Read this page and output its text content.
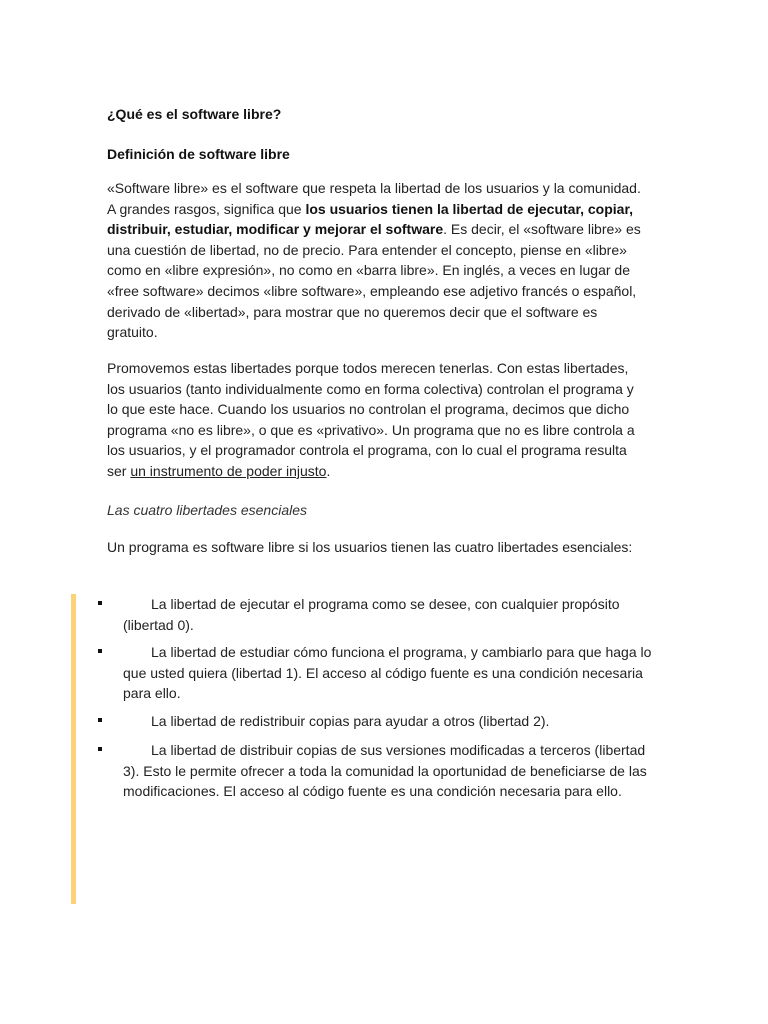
¿Qué es el software libre?
Definición de software libre

«Software libre» es el software que respeta la libertad de los usuarios y la comunidad. A grandes rasgos, significa que los usuarios tienen la libertad de ejecutar, copiar, distribuir, estudiar, modificar y mejorar el software. Es decir, el «software libre» es una cuestión de libertad, no de precio. Para entender el concepto, piense en «libre» como en «libre expresión», no como en «barra libre». En inglés, a veces en lugar de «free software» decimos «libre software», empleando ese adjetivo francés o español, derivado de «libertad», para mostrar que no queremos decir que el software es gratuito.

Promovemos estas libertades porque todos merecen tenerlas. Con estas libertades, los usuarios (tanto individualmente como en forma colectiva) controlan el programa y lo que este hace. Cuando los usuarios no controlan el programa, decimos que dicho programa «no es libre», o que es «privativo». Un programa que no es libre controla a los usuarios, y el programador controla el programa, con lo cual el programa resulta ser un instrumento de poder injusto.

Las cuatro libertades esenciales

Un programa es software libre si los usuarios tienen las cuatro libertades esenciales:

La libertad de ejecutar el programa como se desee, con cualquier propósito (libertad 0).
La libertad de estudiar cómo funciona el programa, y cambiarlo para que haga lo que usted quiera (libertad 1). El acceso al código fuente es una condición necesaria para ello.
La libertad de redistribuir copias para ayudar a otros (libertad 2).
La libertad de distribuir copias de sus versiones modificadas a terceros (libertad 3). Esto le permite ofrecer a toda la comunidad la oportunidad de beneficiarse de las modificaciones. El acceso al código fuente es una condición necesaria para ello.
